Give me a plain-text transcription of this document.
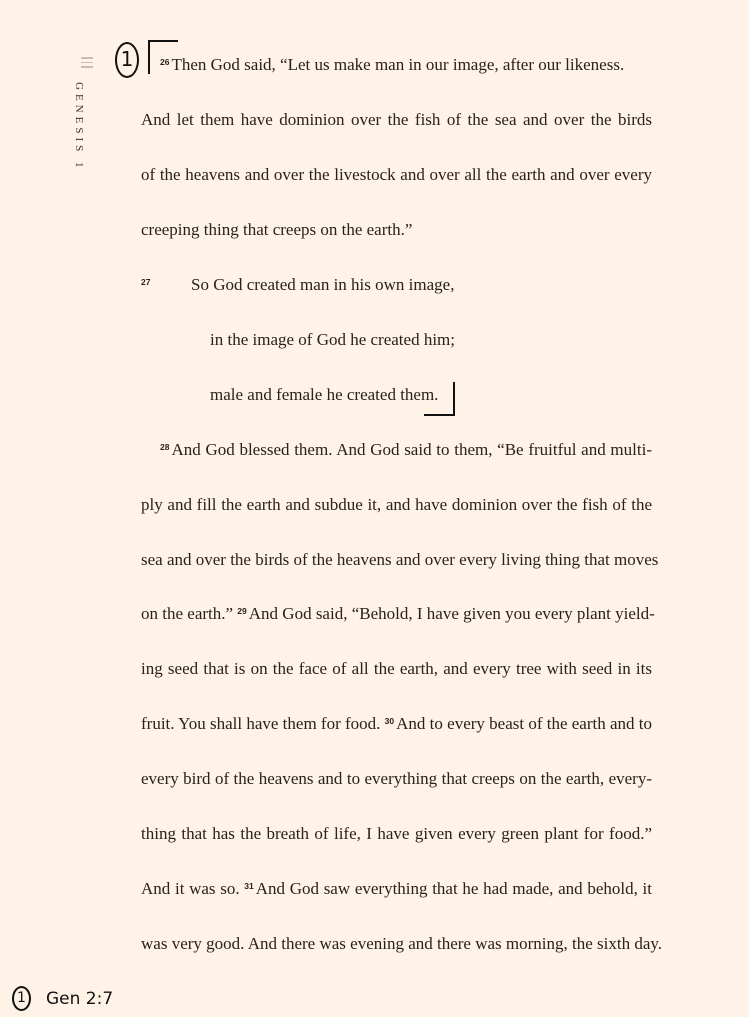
GENESIS 1
1	$^{26}$ Then God said, “Let us make man in our image, after our likeness.
And let them have dominion over the fish of the sea and over the birds
of the heavens and over the livestock and over all the earth and over every
creeping thing that creeps on the earth.”
27 So God created man in his own image,
in the image of God he created him;
male and female he created them.
$^{28}$ And God blessed them. And God said to them, “Be fruitful and multi-
ply and fill the earth and subdue it, and have dominion over the fish of the
sea and over the birds of the heavens and over every living thing that moves
on the earth.” $^{29}$ And God said, “Behold, I have given you every plant yield-
ing seed that is on the face of all the earth, and every tree with seed in its
fruit. You shall have them for food. $^{30}$ And to every beast of the earth and to
every bird of the heavens and to everything that creeps on the earth, every-
thing that has the breath of life, I have given every green plant for food.”
And it was so. $^{31}$ And God saw everything that he had made, and behold, it
was very good. And there was evening and there was morning, the sixth day.
1 Gen 2:7
